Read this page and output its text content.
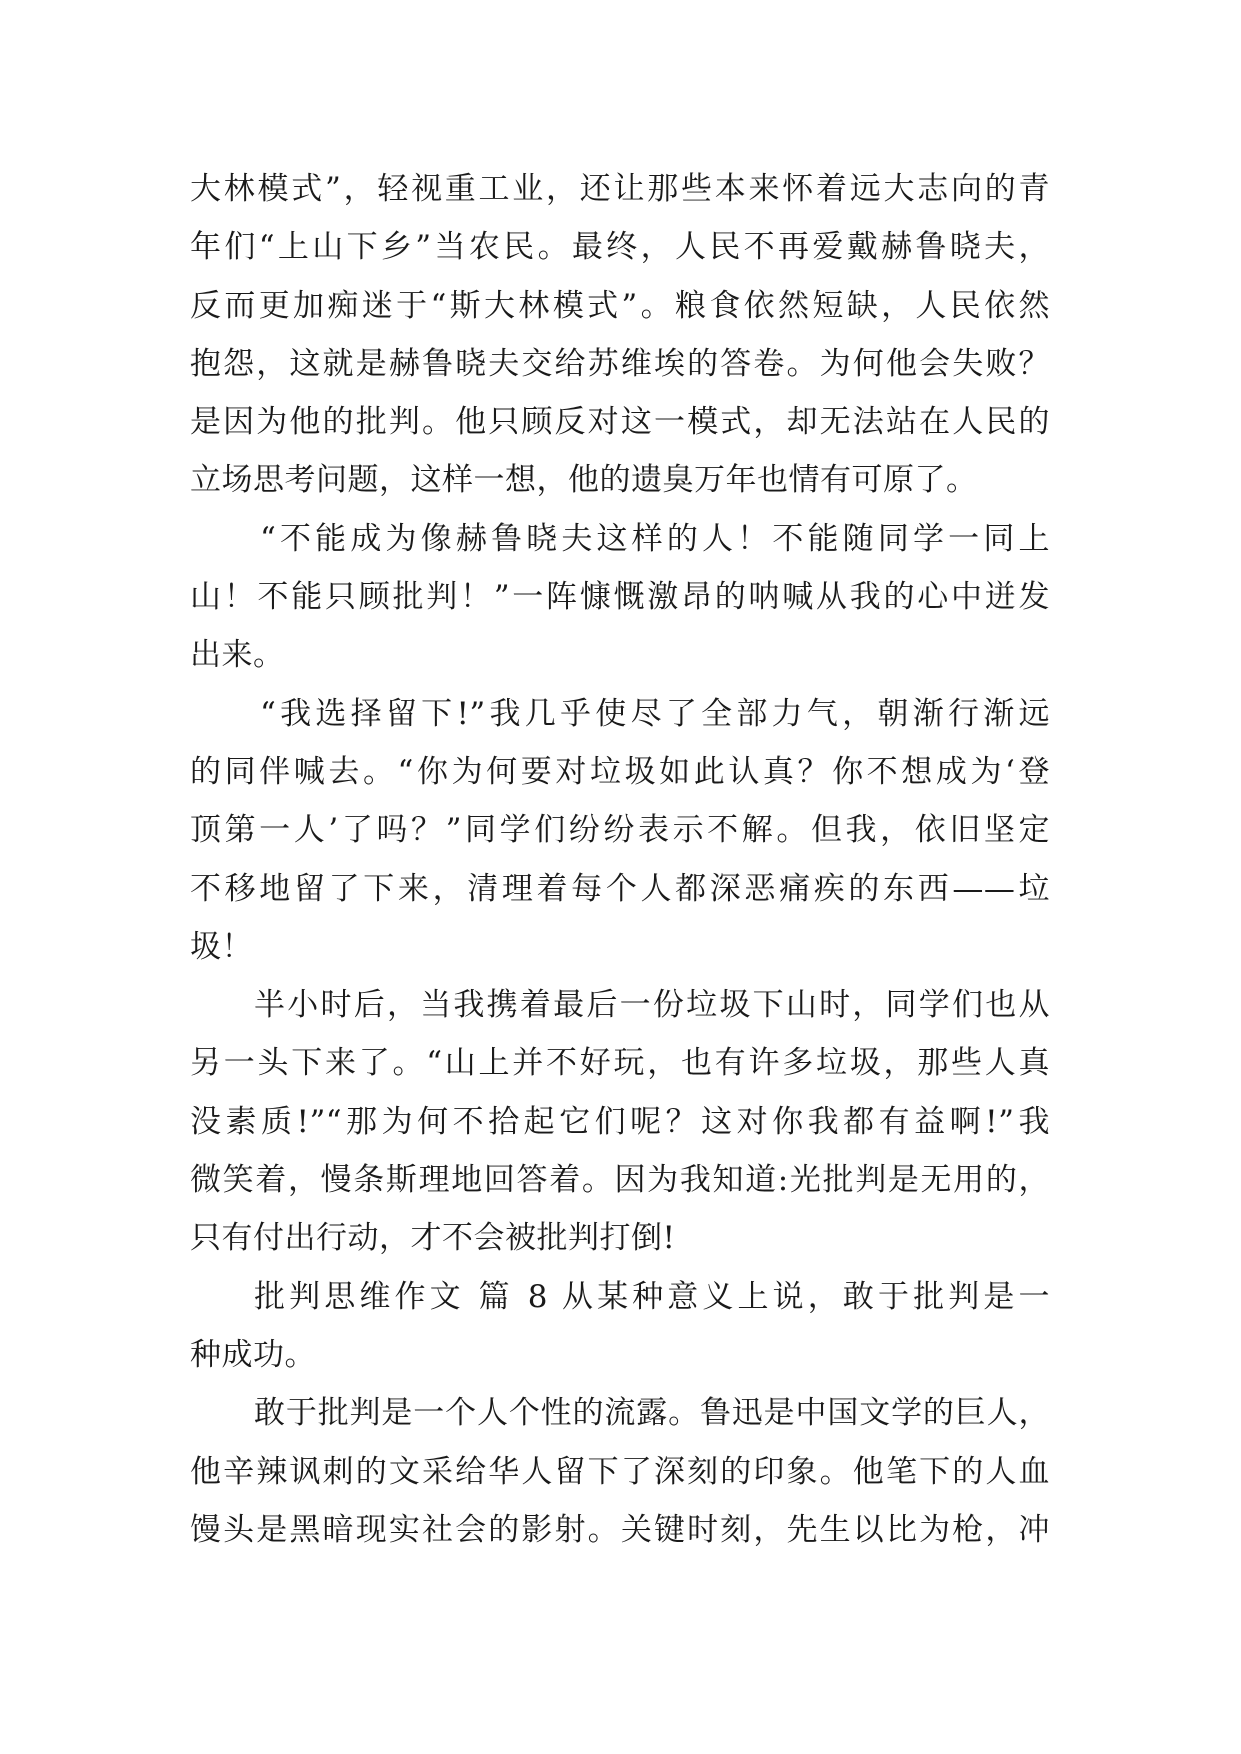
大林模式”，轻视重工业，还让那些本来怀着远大志向的青
年们“上山下乡”当农民。最终，人民不再爱戴赫鲁晓夫，
反而更加痴迷于“斯大林模式”。粮食依然短缺，人民依然
抱怨，这就是赫鲁晓夫交给苏维埃的答卷。为何他会失败？
是因为他的批判。他只顾反对这一模式，却无法站在人民的
立场思考问题，这样一想，他的遗臭万年也情有可原了。
“不能成为像赫鲁晓夫这样的人！不能随同学一同上
山！不能只顾批判！”一阵慷慨激昂的呐喊从我的心中迸发
出来。
“我选择留下!”我几乎使尽了全部力气，朝渐行渐远
的同伴喊去。“你为何要对垃圾如此认真？你不想成为‘登
顶第一人’了吗？”同学们纷纷表示不解。但我，依旧坚定
不移地留了下来，清理着每个人都深恶痛疾的东西——垃
圾！
半小时后，当我携着最后一份垃圾下山时，同学们也从
另一头下来了。“山上并不好玩，也有许多垃圾，那些人真
没素质!”“那为何不拾起它们呢？这对你我都有益啊!”我
微笑着，慢条斯理地回答着。因为我知道:光批判是无用的，
只有付出行动，才不会被批判打倒!
批判思维作文 篇 8 从某种意义上说，敢于批判是一
种成功。
敢于批判是一个人个性的流露。鲁迅是中国文学的巨人，
他辛辣讽刺的文采给华人留下了深刻的印象。他笔下的人血
馒头是黑暗现实社会的影射。关键时刻，先生以比为枪，冲
